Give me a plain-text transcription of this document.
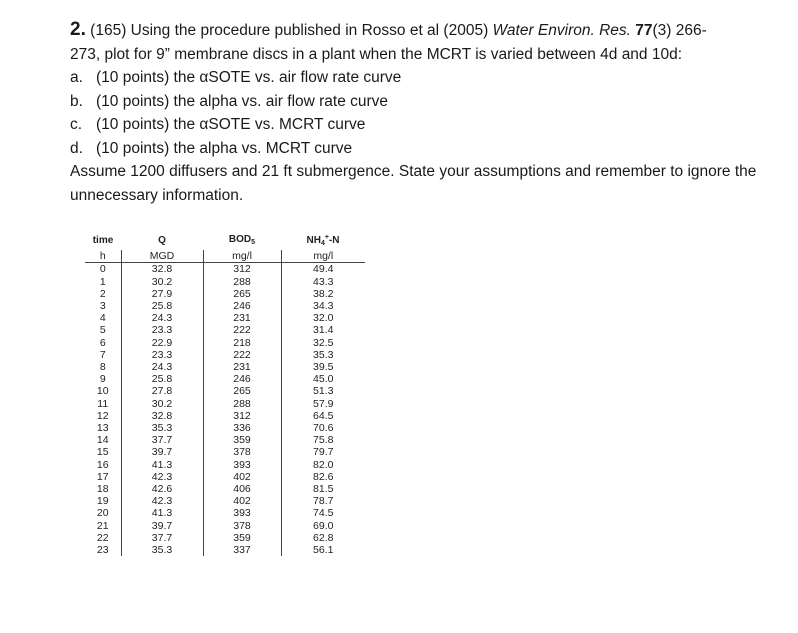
2. (165) Using the procedure published in Rosso et al (2005) Water Environ. Res. 77(3) 266-
273, plot for 9” membrane discs in a plant when the MCRT is varied between 4d and 10d:
a. (10 points) the αSOTE vs. air flow rate curve
b. (10 points) the alpha vs. air flow rate curve
c. (10 points) the αSOTE vs. MCRT curve
d. (10 points) the alpha vs. MCRT curve
Assume 1200 diffusers and 21 ft submergence. State your assumptions and remember to ignore the unnecessary information.
time	Q	$BOD_5$	$NH_4^+-N$
h	MGD	mg/l	mg/l
0	32.8	312	49.4
1	30.2	288	43.3
2	27.9	265	38.2
3	25.8	246	34.3
4	24.3	231	32.0
5	23.3	222	31.4
6	22.9	218	32.5
7	23.3	222	35.3
8	24.3	231	39.5
9	25.8	246	45.0
10	27.8	265	51.3
11	30.2	288	57.9
12	32.8	312	64.5
13	35.3	336	70.6
14	37.7	359	75.8
15	39.7	378	79.7
16	41.3	393	82.0
17	42.3	402	82.6
18	42.6	406	81.5
19	42.3	402	78.7
20	41.3	393	74.5
21	39.7	378	69.0
22	37.7	359	62.8
23	35.3	337	56.1
